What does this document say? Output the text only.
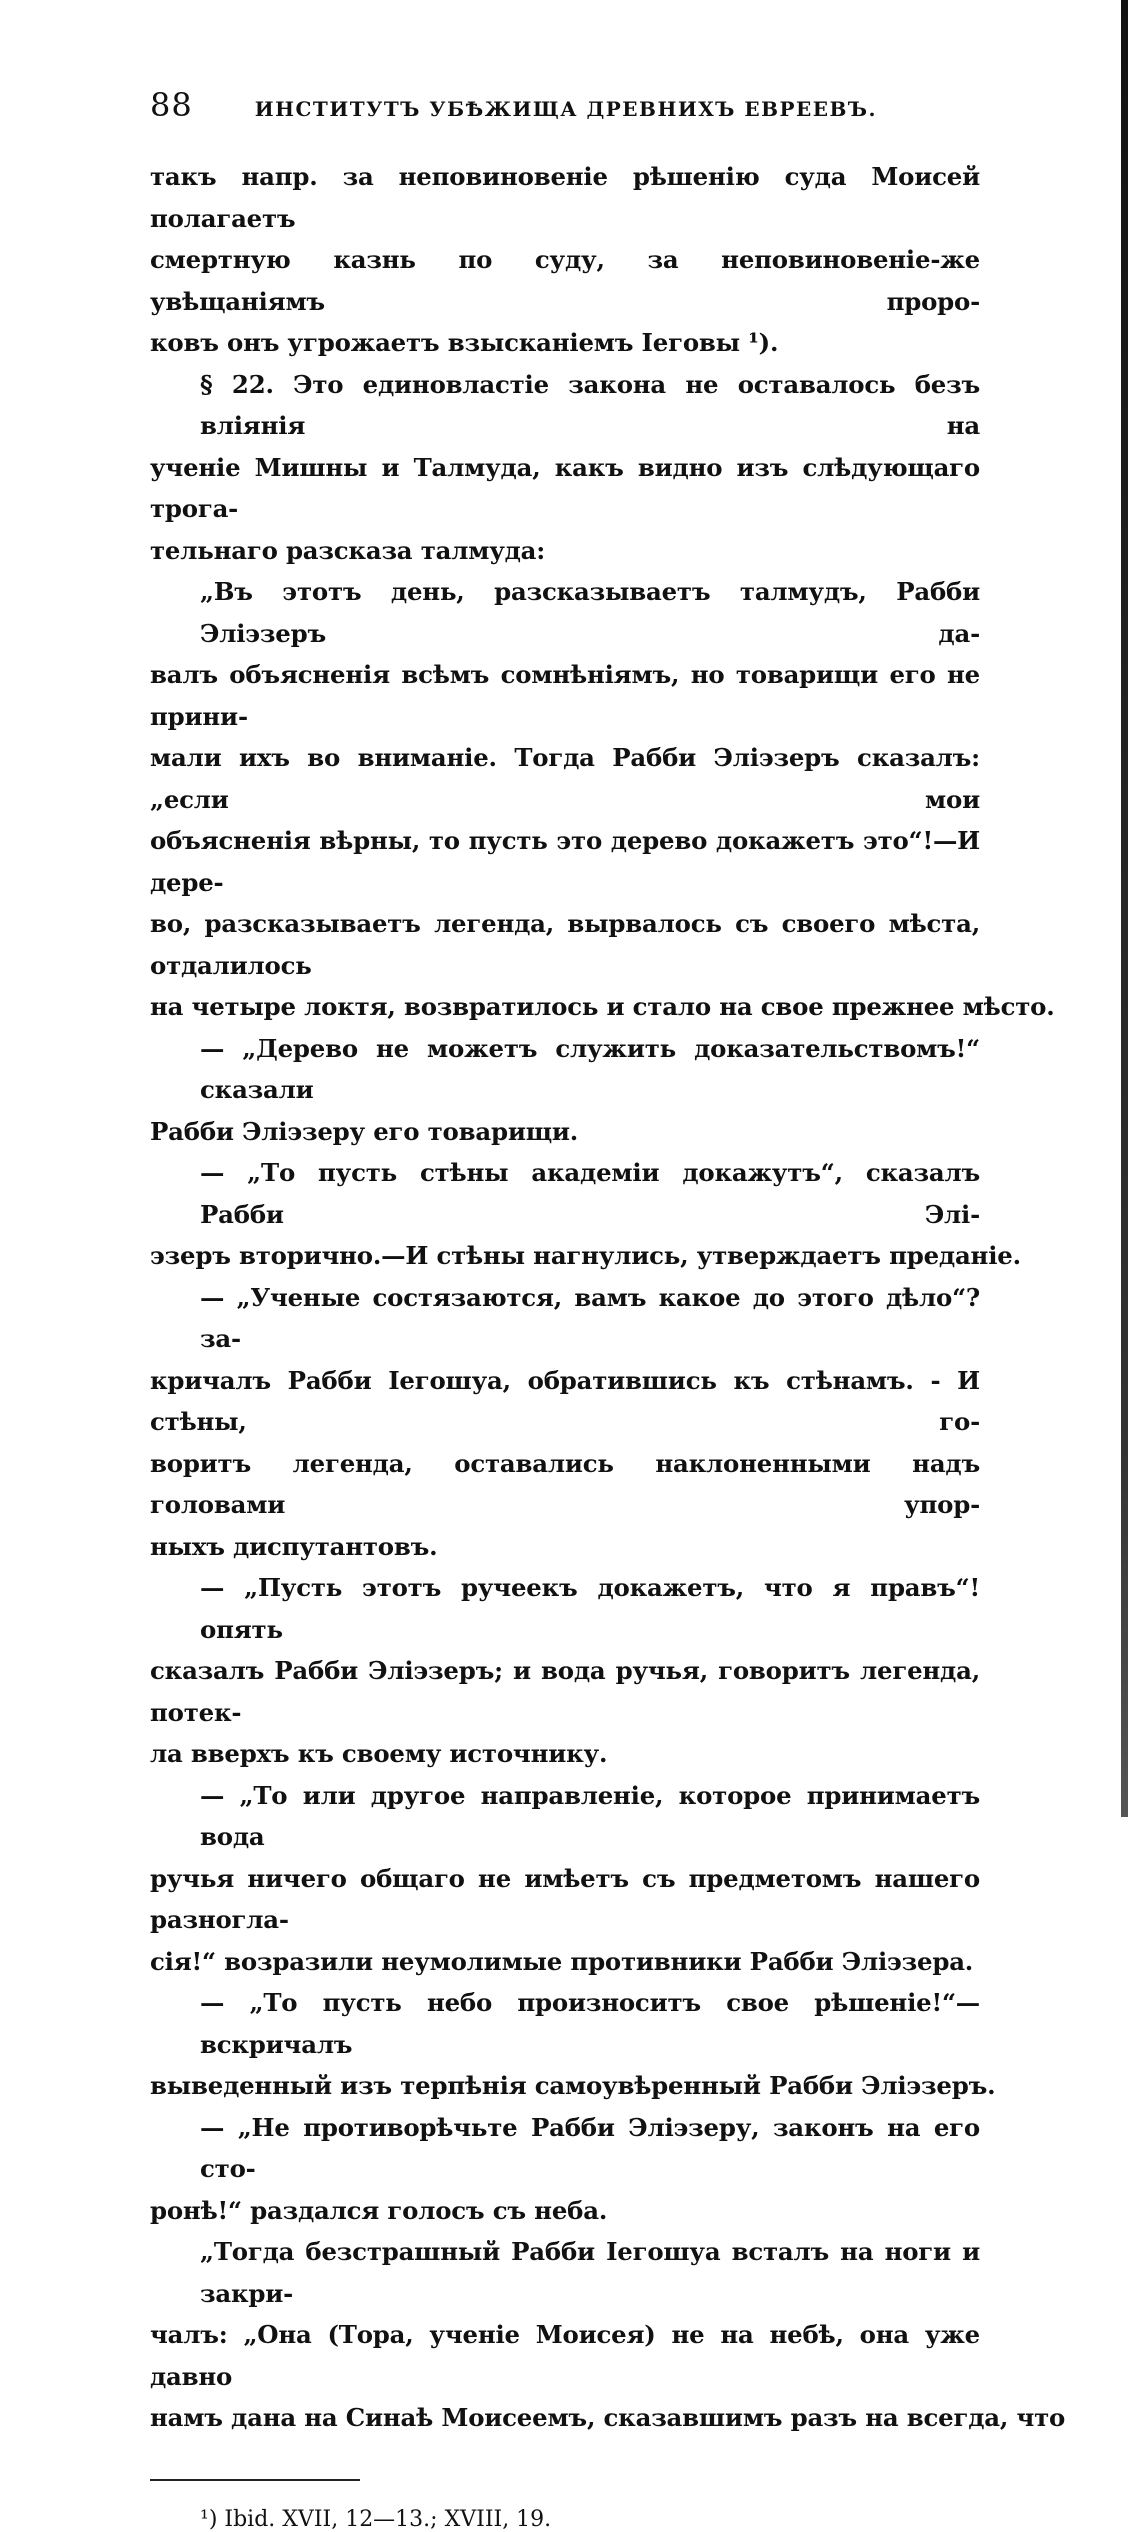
88	ИНСТИТУТЪ УБѢЖИЩА ДРЕВНИХЪ ЕВРЕЕВЪ.
такъ напр. за неповиновеніе рѣшенію суда Моисей полагаетъ
смертную казнь по суду, за неповиновеніе-же увѣщаніямъ проро-
ковъ онъ угрожаетъ взысканіемъ Іеговы ¹).
§ 22. Это единовластіе закона не оставалось безъ вліянія на
ученіе Мишны и Талмуда, какъ видно изъ слѣдующаго трога-
тельнаго разсказа талмуда:
„Въ этотъ день, разсказываетъ талмудъ, Рабби Эліэзеръ да-
валъ объясненія всѣмъ сомнѣніямъ, но товарищи его не прини-
мали ихъ во вниманіе. Тогда Рабби Эліэзеръ сказалъ: „если мои
объясненія вѣрны, то пусть это дерево докажетъ это“!—И дере-
во, разсказываетъ легенда, вырвалось съ своего мѣста, отдалилось
на четыре локтя, возвратилось и стало на свое прежнее мѣсто.
— „Дерево не можетъ служить доказательствомъ!“ сказали
Рабби Эліэзеру его товарищи.
— „То пусть стѣны академіи докажутъ“, сказалъ Рабби Элі-
эзеръ вторично.—И стѣны нагнулись, утверждаетъ преданіе.
— „Ученые состязаются, вамъ какое до этого дѣло“? за-
кричалъ Рабби Іегошуа, обратившись къ стѣнамъ. - И стѣны, го-
воритъ легенда, оставались наклоненными надъ головами упор-
ныхъ диспутантовъ.
— „Пусть этотъ ручеекъ докажетъ, что я правъ“! опять
сказалъ Рабби Эліэзеръ; и вода ручья, говоритъ легенда, потек-
ла вверхъ къ своему источнику.
— „То или другое направленіе, которое принимаетъ вода
ручья ничего общаго не имѣетъ съ предметомъ нашего разногла-
сія!“ возразили неумолимые противники Рабби Эліэзера.
— „То пусть небо произноситъ свое рѣшеніе!“—вскричалъ
выведенный изъ терпѣнія самоувѣренный Рабби Эліэзеръ.
— „Не противорѣчьте Рабби Эліэзеру, законъ на его сто-
ронѣ!“ раздался голосъ съ неба.
„Тогда безстрашный Рабби Іегошуа всталъ на ноги и закри-
чалъ: „Она (Тора, ученіе Моисея) не на небѣ, она уже давно
намъ дана на Синаѣ Моисеемъ, сказавшимъ разъ на всегда, что
¹) Ibid. XVII, 12—13.; XVIII, 19.
